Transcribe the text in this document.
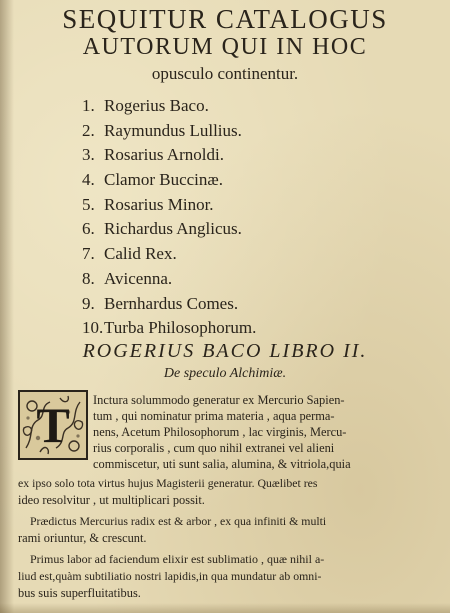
SEQUITUR CATALOGUS
AUTORUM QUI IN HOC
opusculo continentur.
1. Rogerius Baco.
2. Raymundus Lullius.
3. Rosarius Arnoldi.
4. Clamor Buccinæ.
5. Rosarius Minor.
6. Richardus Anglicus.
7. Calid Rex.
8. Avicenna.
9. Bernhardus Comes.
10.Turba Philosophorum.
ROGERIUS BACO LIBRO II.
De speculo Alchimiæ.
T Inctura solummodo generatur ex Mercurio Sapien-
tum , qui nominatur prima materia , aqua perma-
nens, Acetum Philosophorum , lac virginis, Mercu-
rius corporalis , cum quo nihil extranei vel alieni
commiscetur, uti sunt salia, alumina, & vitriola,quia
ex ipso solo tota virtus hujus Magisterii generatur. Quælibet res
ideo resolvitur , ut multiplicari possit.
Prædictus Mercurius radix est & arbor , ex qua infiniti & multi
rami oriuntur, & crescunt.
Primus labor ad faciendum elixir est sublimatio , quæ nihil a-
liud est,quàm subtiliatio nostri lapidis,in qua mundatur ab omni-
bus suis superfluitatibus.
